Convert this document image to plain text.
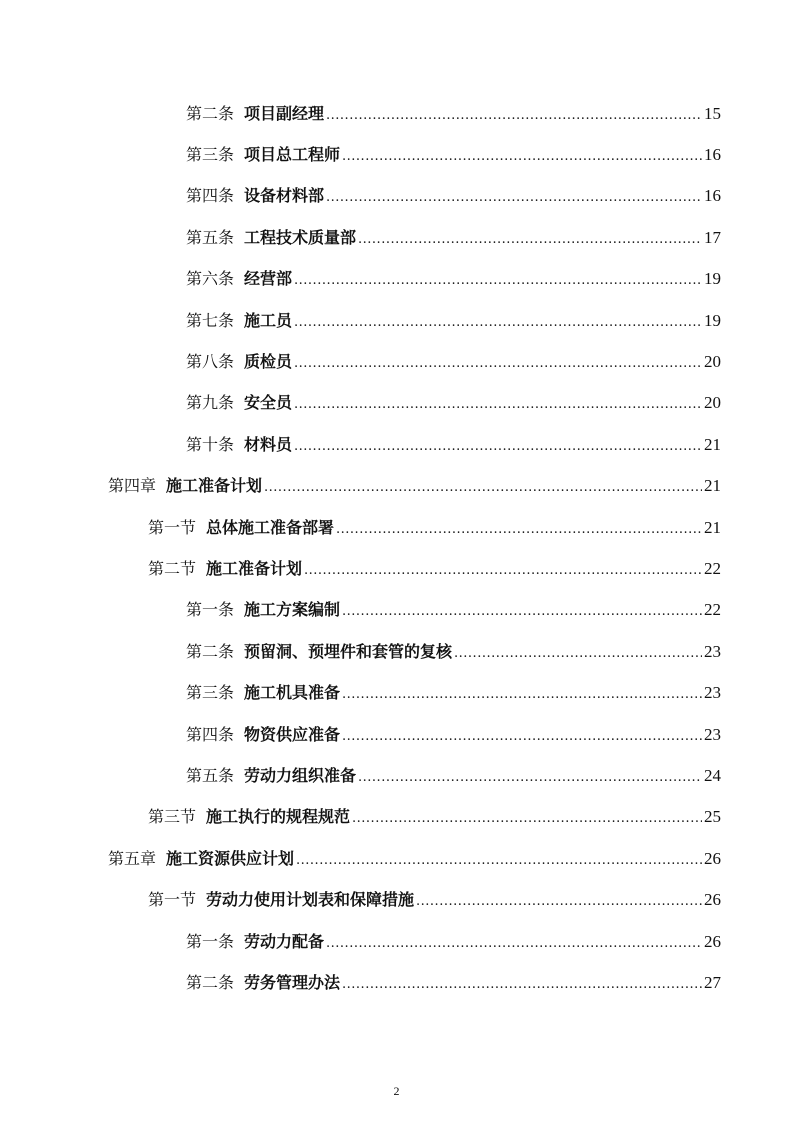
第二条 项目副经理 .....	15
第三条 项目总工程师 .....	16
第四条 设备材料部 .....	16
第五条 工程技术质量部 .....	17
第六条 经营部 .....	19
第七条 施工员 .....	19
第八条 质检员 .....	20
第九条 安全员 .....	20
第十条 材料员 .....	21
第四章 施工准备计划 .....	21
第一节 总体施工准备部署 .....	21
第二节 施工准备计划 .....	22
第一条 施工方案编制 .....	22
第二条 预留洞、预埋件和套管的复核 .....	23
第三条 施工机具准备 .....	23
第四条 物资供应准备 .....	23
第五条 劳动力组织准备 .....	24
第三节 施工执行的规程规范 .....	25
第五章 施工资源供应计划 .....	26
第一节 劳动力使用计划表和保障措施 .....	26
第一条 劳动力配备 .....	26
第二条 劳务管理办法 .....	27
2
